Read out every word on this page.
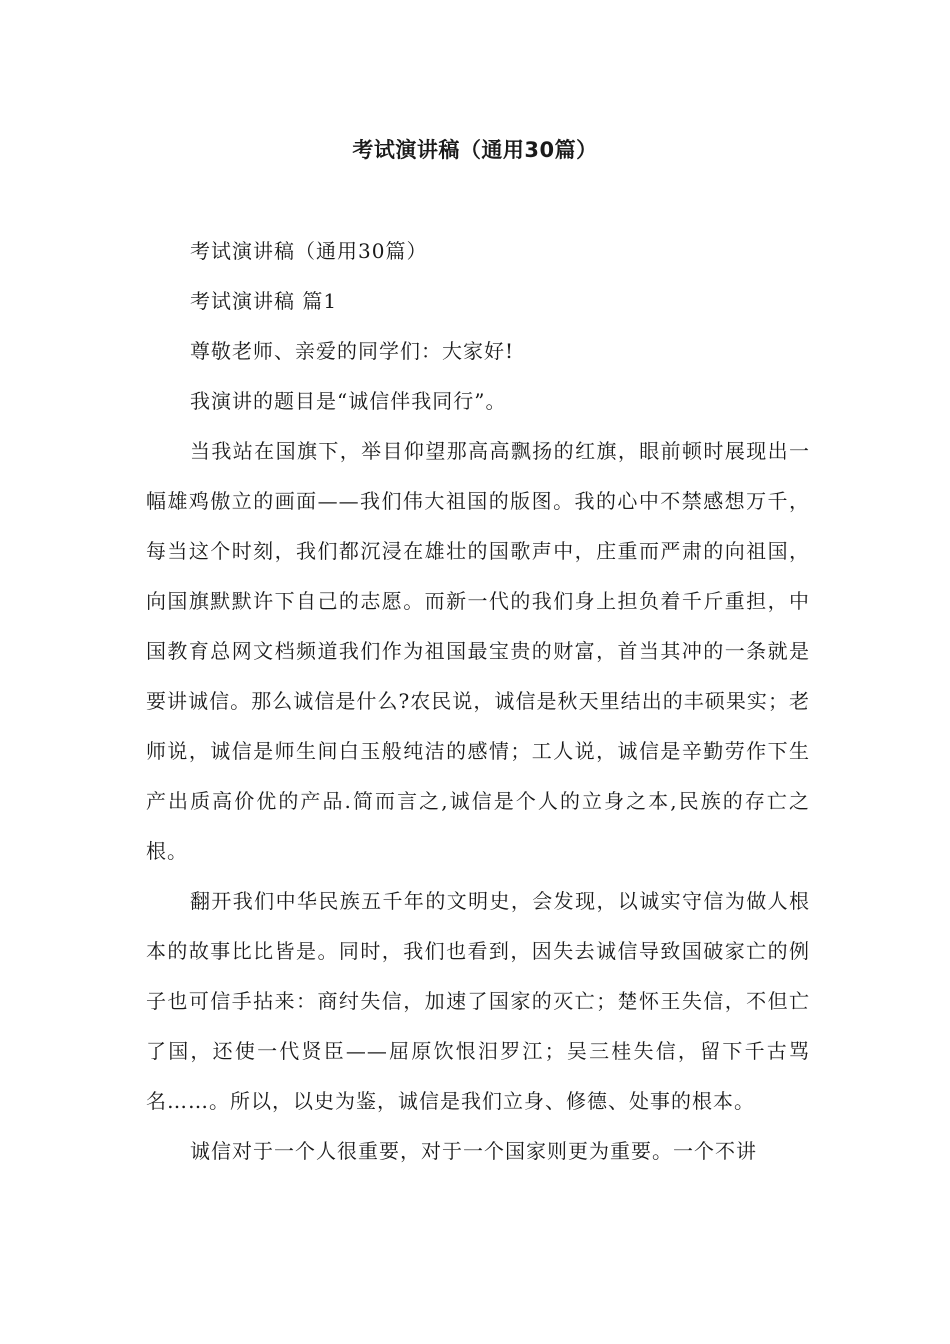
考试演讲稿（通用30篇）

考试演讲稿（通用30篇）

考试演讲稿 篇1

尊敬老师、亲爱的同学们：大家好!

我演讲的题目是“诚信伴我同行”。

当我站在国旗下，举目仰望那高高飘扬的红旗，眼前顿时展现出一幅雄鸡傲立的画面——我们伟大祖国的版图。我的心中不禁感想万千，每当这个时刻，我们都沉浸在雄壮的国歌声中，庄重而严肃的向祖国，向国旗默默许下自己的志愿。而新一代的我们身上担负着千斤重担，中国教育总网文档频道我们作为祖国最宝贵的财富，首当其冲的一条就是要讲诚信。那么诚信是什么?农民说，诚信是秋天里结出的丰硕果实；老师说，诚信是师生间白玉般纯洁的感情；工人说，诚信是辛勤劳作下生产出质高价优的产品.简而言之,诚信是个人的立身之本,民族的存亡之根。

翻开我们中华民族五千年的文明史，会发现，以诚实守信为做人根本的故事比比皆是。同时，我们也看到，因失去诚信导致国破家亡的例子也可信手拈来：商纣失信，加速了国家的灭亡；楚怀王失信，不但亡了国，还使一代贤臣——屈原饮恨汨罗江；吴三桂失信，留下千古骂名……。所以，以史为鉴，诚信是我们立身、修德、处事的根本。

诚信对于一个人很重要，对于一个国家则更为重要。一个不讲
